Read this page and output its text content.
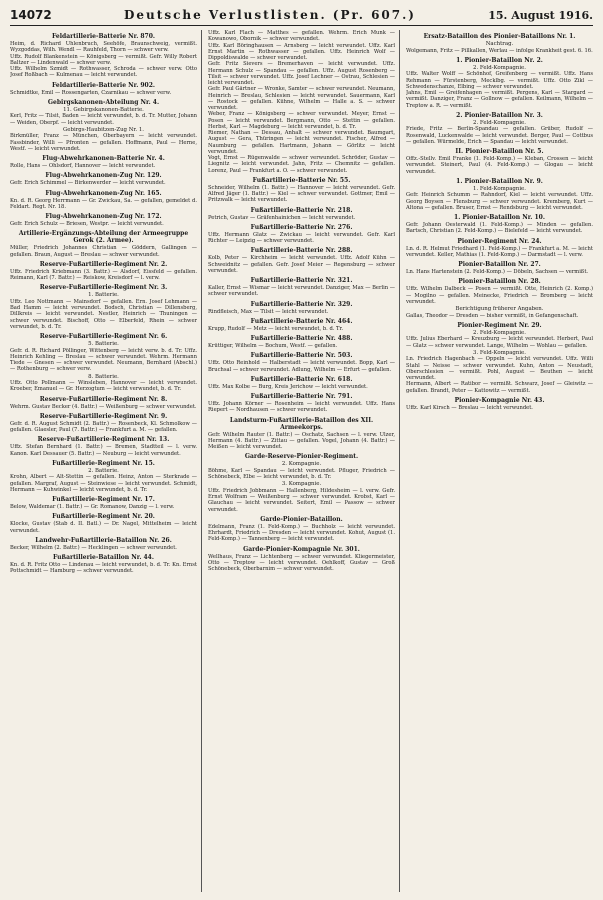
14072	Deutsche Verlustlisten. (Pr. 607.)	15. August 1916.
Feldartillerie-Batterie Nr. 870.
Heim, d. Richard Uhlenbruch, Seehöfe, Braunschweig, vermißt. Wyzgoddas, Wilh. Wendl — Rauhfeld, Thorn — schwer verw.
Uffz. Rudolf Blankenstein — Königsberg — vermißt. Gefr. Willy Robert Baltzer — Lindenwald — schwer verw.
Uffz. Wilhelm Szmidt — Rothwasser, Schroda — schwer verw. Otto Josef Roßbach — Kulmenau — leicht verwundet.
Feldartillerie-Batterie Nr. 902.
Schmidtke, Emil — Rossengarten, Czarnikau — schwer verw.
Gebirgskanonen-Abteilung Nr. 4.
11. Gebirgskanonen-Batterie.
Kerl, Fritz — Tilsit, Baden — leicht verwundet, b. d. Tr. Mutter, Johann — Weiden, Oberpf. — leicht verwundet.
Gebirgs-Haubitzen-Zug Nr. 1.
Birkmüller, Franz — München, Oberbayern — leicht verwundet. Fassbinder, Willi — Pfronten — gefallen. Hoffmann, Paul — Herne, Westf. — leicht verwundet.
Flug-Abwehrkanonen-Batterie Nr. 4.
Rolle, Hans — Ohlsdorf, Hannover — leicht verwundet.
Flug-Abwehrkanonen-Zug Nr. 129.
Gefr. Erich Schimmel — Birkenwerder — leicht verwundet.
Flug-Abwehrkanonen-Zug Nr. 165.
Kn. d. R. Georg Herrmann — Gr. Zwickau, Sa. — gefallen, gemeldet d. Feldart. Regt. Nr. 18.
Flug-Abwehrkanonen-Zug Nr. 172.
Gefr. Erich Schulz — Briesen, Westpr. — leicht verwundet.
Artillerie-Ergänzungs-Abteilung der Armeegruppe Gerok (2. Armee).
Müller, Friedrich Johannes Christian — Göddern, Gallingen — gefallen. Braun, August — Breslau — schwer verwundet.
Reserve-Fußartillerie-Regiment Nr. 2.
Uffz. Friedrich Kriebmann (3. Battr.) — Alsdorf, Eissfeld — gefallen. Reimann, Karl (7. Battr.) — Reiskow, Kreisdorf — l. verw.
Reserve-Fußartillerie-Regiment Nr. 3.
1. Batterie.
Uffz. Leo Nottmann — Mainsdorf — gefallen. Ern. Josef Lehmann — Bad Hamm — leicht verwundet. Bodsch, Christian — Dillensberg, Dillkreis — leicht verwundet. Nestler, Heinrich — Thuningen — schwer verwundet. Bischoff, Otto — Elberfeld, Rhein — schwer verwundet, b. d. Tr.
Reserve-Fußartillerie-Regiment Nr. 6.
5. Batterie.
Gefr. d. R. Richard Pöllinger, Wittenberg — leicht verw. b. d. Tr. Uffz. Heinrich Kehling — Breslau — schwer verwundet. Wehrm. Hermann Tiede — Gnesen — schwer verwundet. Neumann, Bernhard (Abschl.) — Rothenburg — schwer verw.
8. Batterie.
Uffz. Otto Pollmann — Winsleben, Hannover — leicht verwundet. Kroeber, Emanuel — Gr. Herzogtum — leicht verwundet, b. d. Tr.
Reserve-Fußartillerie-Regiment Nr. 8.
Wehrm. Gustav Becker (4. Battr.) — Weißenburg — schwer verwundet.
Reserve-Fußartillerie-Regiment Nr. 9.
Gefr. d. R. August Schmidt (2. Battr.) — Rosenbeck, Kl. Schmolkow — gefallen. Glaesler, Paul (7. Battr.) — Frankfurt a. M. — gefallen.
Reserve-Fußartillerie-Regiment Nr. 13.
Uffz. Stefan Bernhard (1. Battr.) — Bremen, Stadtteil — l. verw. Kanon. Karl Dessauer (5. Battr.) — Neuburg — leicht verwundet.
Fußartillerie-Regiment Nr. 15.
2. Batterie.
Krohn, Albert — Alt-Stettin — gefallen. Heinz, Anton — Sterkrade — gefallen. Margraf, August — Steinwiese — leicht verwundet. Schmidt, Hermann — Kuhwinkel — leicht verwundet, b. d. Tr.
Fußartillerie-Regiment Nr. 17.
Below, Waldemar (1. Battr.) — Gr. Romanow, Danzig — l. verw.
Fußartillerie-Regiment Nr. 20.
Klocke, Gustav (Stab d. II. Batl.) — Dr. Nagel, Mittelheim — leicht verwundet.
Landwehr-Fußartillerie-Bataillon Nr. 26.
Becker, Wilhelm (2. Battr.) — Hecklingen — schwer verwundet.
Fußartillerie-Bataillon Nr. 44.
Kn. d. R. Fritz Otto — Lindenau — leicht verwundet, b. d. Tr. Kn. Ernst Pottschmidt — Hamburg — schwer verwundet.
Uffz. Karl Flach — Matthes — gefallen. Wehrm. Erich Munk — Kowanowo, Obornik — schwer verwundet.
Uffz. Karl Böringhausen — Arnsberg — leicht verwundet. Uffz. Karl Ernst Martin — Rothwasser — gefallen. Uffz. Heinrich Wolf — Dippoldiswalde — schwer verwundet.
Gefr. Fritz Sievers — Bremerhaven — leicht verwundet. Uffz. Hermann Schulz — Spandau — gefallen. Uffz. August Rosenberg — Tilsit — schwer verwundet. Uffz. Josef Lechner — Ostrau, Schlesien — leicht verwundet.
Gefr. Paul Gärtner — Wronke, Samter — schwer verwundet. Neumann, Heinrich — Breslau, Schlesien — leicht verwundet. Sauermann, Karl — Rostock — gefallen. Kühne, Wilhelm — Halle a. S. — schwer verwundet.
Weber, Franz — Königsberg — schwer verwundet. Meyer, Ernst — Posen — leicht verwundet. Bergmann, Otto — Stettin — gefallen. Herbst, Karl — Magdeburg — leicht verwundet, b. d. Tr.
Riemer, Nathan — Dessau, Anhalt — schwer verwundet. Baumgart, August — Gera, Thüringen — leicht verwundet. Fischer, Alfred — Naumburg — gefallen. Hartmann, Johann — Görlitz — leicht verwundet.
Vogt, Ernst — Rügenwalde — schwer verwundet. Schröder, Gustav — Liegnitz — leicht verwundet. Jahn, Fritz — Chemnitz — gefallen. Lorenz, Paul — Frankfurt a. O. — schwer verwundet.
Fußartillerie-Batterie Nr. 55.
Schneider, Wilhelm (1. Battr.) — Hannover — leicht verwundet. Gefr. Alfred Jäger (1. Battr.) — Kiel — schwer verwundet. Gottmer, Emil — Pritzwalk — leicht verwundet.
Fußartillerie-Batterie Nr. 218.
Petrich, Gustav — Gräfenhainichen — leicht verwundet.
Fußartillerie-Batterie Nr. 276.
Uffz. Hermann Glatz — Zwickau — leicht verwundet. Gefr. Karl Richter — Leipzig — schwer verwundet.
Fußartillerie-Batterie Nr. 288.
Kolb, Peter — Kirchheim — leicht verwundet. Uffz. Adolf Kühn — Schweidnitz — gefallen. Gefr. Josef Meier — Regensburg — schwer verwundet.
Fußartillerie-Batterie Nr. 321.
Kaller, Ernst — Wismar — leicht verwundet. Danziger, Max — Berlin — schwer verwundet.
Fußartillerie-Batterie Nr. 329.
Rindfleisch, Max — Tilsit — leicht verwundet.
Fußartillerie-Batterie Nr. 464.
Krupp, Rudolf — Metz — leicht verwundet, b. d. Tr.
Fußartillerie-Batterie Nr. 488.
Krüttiger, Wilhelm — Bochum, Westf. — gefallen.
Fußartillerie-Batterie Nr. 503.
Uffz. Otto Reinhold — Halberstadt — leicht verwundet. Bopp, Karl — Bruchsal — schwer verwundet. Adlung, Wilhelm — Erfurt — gefallen.
Fußartillerie-Batterie Nr. 618.
Uffz. Max Kolbe — Burg, Kreis Jerichow — leicht verwundet.
Fußartillerie-Batterie Nr. 791.
Uffz. Johann Körner — Rosenheim — leicht verwundet. Uffz. Hans Riepert — Nordhausen — schwer verwundet.
Landsturm-Fußartillerie-Bataillon des XII. Armeekorps.
Gefr. Wilhelm Rauter (1. Battr.) — Oschatz, Sachsen — l. verw. Ulzer, Hermann (4. Battr.) — Zittau — gefallen. Vogel, Johann (4. Battr.) — Meißen — leicht verwundet.
Garde-Reserve-Pionier-Regiment.
2. Kompagnie.
Böhme, Karl — Spandau — leicht verwundet. Pfluger, Friedrich — Schönebeck, Elbe — leicht verwundet, b. d. Tr.
3. Kompagnie.
Uffz. Friedrich Jobbmann — Hallenberg, Hildesheim — l. verw. Gefr. Ernst Wolfram — Weißenburg — schwer verwundet. Krobst, Karl — Glauchau — leicht verwundet. Seitert, Emil — Passow — schwer verwundet.
Garde-Pionier-Bataillon.
Edelmann, Franz (1. Feld-Komp.) — Buchholz — leicht verwundet. Ehrhardt, Friedrich — Dresden — leicht verwundet. Kohut, August (1. Feld-Komp.) — Tannenberg — leicht verwundet.
Garde-Pionier-Kompagnie Nr. 301.
Wellhaus, Franz — Lichtenberg — schwer verwundet. Kliegermeister, Otto — Treptow — leicht verwundet. Oehlkoff, Gustav — Groß Schönebeck, Oberbarnim — schwer verwundet.
Ersatz-Bataillon des Pionier-Bataillons Nr. 1.
Nachtrag.
Wolgemann, Fritz — Pillkallen, Werlau — infolge Krankheit gest. 6. 16.
1. Pionier-Bataillon Nr. 2.
2. Feld-Kompagnie.
Uffz. Walter Wolff — Schönhof, Greifenberg — vermißt. Uffz. Hans Rehmann — Fürstenberg, Mecklbg. — vermißt. Uffz. Otto Zikl — Schwedenschanze, Elbing — schwer verwundet.
Jahns, Emil — Greifenhagen — vermißt. Pergens, Karl — Stargard — vermißt. Danziger, Franz — Gollnow — gefallen. Keilmann, Wilhelm — Treptow a. R. — vermißt.
2. Pionier-Bataillon Nr. 3.
2. Feld-Kompagnie.
Friede, Fritz — Berlin-Spandau — gefallen. Grüber, Rudolf — Rosenwald, Luckenwalde — leicht verwundet. Berger, Paul — Cottbus — gefallen. Würmelde, Erich — Spandau — leicht verwundet.
II. Pionier-Bataillon Nr. 5.
Offz.-Stellv. Emil Franke (1. Feld-Komp.) — Kleban, Crossen — leicht verwundet. Steinert, Paul (4. Feld-Komp.) — Glogau — leicht verwundet.
1. Pionier-Bataillon Nr. 9.
1. Feld-Kompagnie.
Gefr. Heinrich Schumm — Rahndorf, Kiel — leicht verwundet. Uffz. Georg Boysen — Flensburg — schwer verwundet. Kremberg, Kurt — Altona — gefallen. Bruser, Ernst — Rendsburg — leicht verwundet.
1. Pionier-Bataillon Nr. 10.
Gefr. Johann Oesterwald (1. Feld-Komp.) — Minden — gefallen. Bartsch, Christian (2. Feld-Komp.) — Bielefeld — leicht verwundet.
Pionier-Regiment Nr. 24.
Ln. d. R. Helmut Friedhard (1. Feld-Komp.) — Frankfurt a. M. — leicht verwundet. Keller, Mathias (1. Feld-Komp.) — Darmstadt — l. verw.
Pionier-Bataillon Nr. 27.
Ln. Hans Hartenstein (2. Feld-Komp.) — Döbeln, Sachsen — vermißt.
Pionier-Bataillon Nr. 28.
Uffz. Wilhelm Dalbeck — Posen — vermißt. Otte, Heinrich (2. Komp.) — Mogilno — gefallen. Meinecke, Friedrich — Bromberg — leicht verwundet.
Berichtigung früherer Angaben.
Gallas, Theodor — Dresden — bisher vermißt, in Gefangenschaft.
Pionier-Regiment Nr. 29.
2. Feld-Kompagnie.
Uffz. Julius Eberhard — Kreuzburg — leicht verwundet. Herbert, Paul — Glatz — schwer verwundet. Lange, Wilhelm — Wohlau — gefallen.
3. Feld-Kompagnie.
Ln. Friedrich Hagenbach — Oppeln — leicht verwundet. Uffz. Willi Stahl — Neisse — schwer verwundet. Kuhn, Anton — Neustadt, Oberschlesien — vermißt. Pohl, August — Beuthen — leicht verwundet.
Hermann, Albert — Ratibor — vermißt. Schwarz, Josef — Gleiwitz — gefallen. Brandt, Peter — Kattowitz — vermißt.
Pionier-Kompagnie Nr. 43.
Uffz. Karl Kirsch — Breslau — leicht verwundet.
